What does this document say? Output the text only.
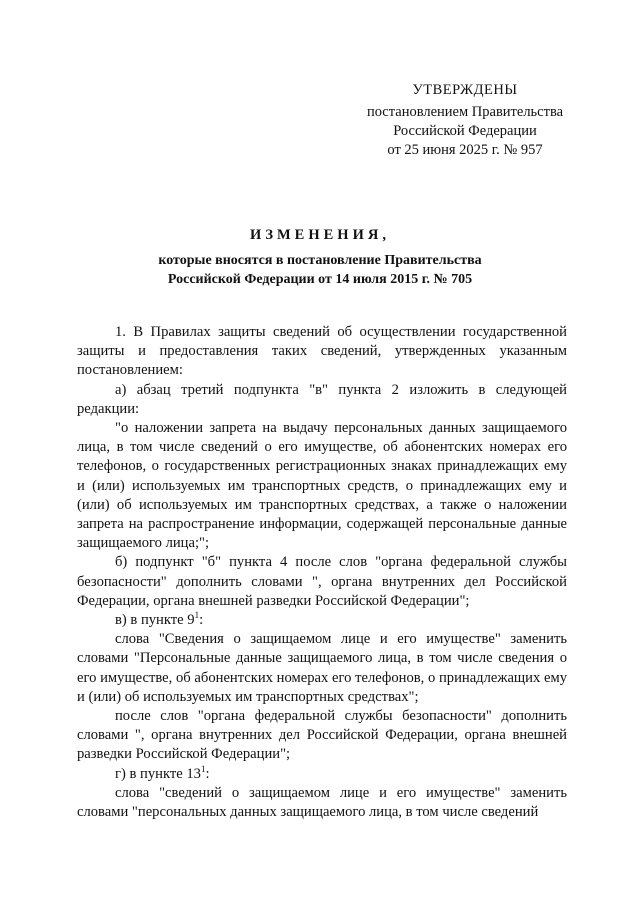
УТВЕРЖДЕНЫ
постановлением Правительства
Российской Федерации
от 25 июня 2025 г. № 957
ИЗМЕНЕНИЯ,
которые вносятся в постановление Правительства
Российской Федерации от 14 июля 2015 г. № 705

1. В Правилах защиты сведений об осуществлении государственной защиты и предоставления таких сведений, утвержденных указанным постановлением:

а) абзац третий подпункта "в" пункта 2 изложить в следующей редакции:

"о наложении запрета на выдачу персональных данных защищаемого лица, в том числе сведений о его имуществе, об абонентских номерах его телефонов, о государственных регистрационных знаках принадлежащих ему и (или) используемых им транспортных средств, о принадлежащих ему и (или) об используемых им транспортных средствах, а также о наложении запрета на распространение информации, содержащей персональные данные защищаемого лица;";

б) подпункт "б" пункта 4 после слов "органа федеральной службы безопасности" дополнить словами ", органа внутренних дел Российской Федерации, органа внешней разведки Российской Федерации";

в) в пункте $9^1$:

слова "Сведения о защищаемом лице и его имуществе" заменить словами "Персональные данные защищаемого лица, в том числе сведения о его имуществе, об абонентских номерах его телефонов, о принадлежащих ему и (или) об используемых им транспортных средствах";

после слов "органа федеральной службы безопасности" дополнить словами ", органа внутренних дел Российской Федерации, органа внешней разведки Российской Федерации";

г) в пункте $13^1$:

слова "сведений о защищаемом лице и его имуществе" заменить словами "персональных данных защищаемого лица, в том числе сведений
